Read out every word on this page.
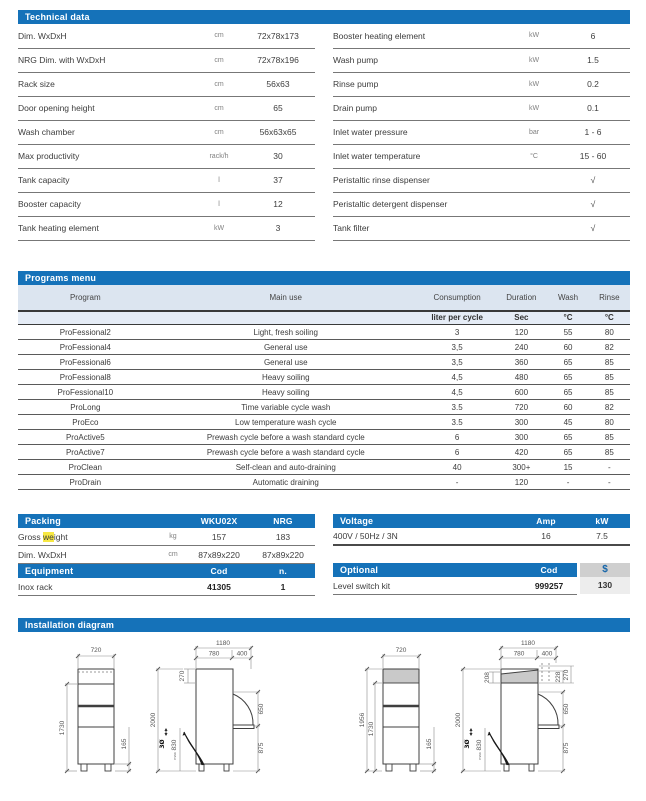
Technical data
Dim. WxDxH	cm	72x78x173
NRG Dim. with WxDxH	cm	72x78x196
Rack size	cm	56x63
Door opening height	cm	65
Wash chamber	cm	56x63x65
Max productivity	rack/h	30
Tank capacity	l	37
Booster capacity	l	12
Tank heating element	kW	3
Booster heating element	kW	6
Wash pump	kW	1.5
Rinse pump	kW	0.2
Drain pump	kW	0.1
Inlet water pressure	bar	1 - 6
Inlet water temperature	°C	15 - 60
Peristaltic rinse dispenser		√
Peristaltic detergent dispenser		√
Tank filter		√
Programs menu
Program	Main use	Consumption	Duration	Wash	Rinse
		liter per cycle	Sec	°C	°C
ProFessional2	Light, fresh soiling	3	120	55	80
ProFessional4	General use	3,5	240	60	82
ProFessional6	General use	3,5	360	65	85
ProFessional8	Heavy soiling	4,5	480	65	85
ProFessional10	Heavy soiling	4,5	600	65	85
ProLong	Time variable cycle wash	3.5	720	60	82
ProEco	Low temperature wash cycle	3.5	300	45	80
ProActive5	Prewash cycle before a wash standard cycle	6	300	65	85
ProActive7	Prewash cycle before a wash standard cycle	6	420	65	85
ProClean	Self-clean and auto-draining	40	300+	15	-
ProDrain	Automatic draining	-	120	-	-
Packing	WKU02X	NRG
Gross weight	kg	157	183
Dim. WxDxH	cm	87x89x220	87x89x220
Equipment	Cod	n.
Inox rack	41305	1
Voltage	Amp	kW
400V / 50Hz / 3N	16	7.5
Optional	Cod	$
Level switch kit	999257	130
Installation diagram
720
1730
165
1180
780	400
270
2000
650
875
830
max
3Ø
720
1956
1730
165
1180
780	400
208	228 270
2000
650
875
830
max
3Ø
